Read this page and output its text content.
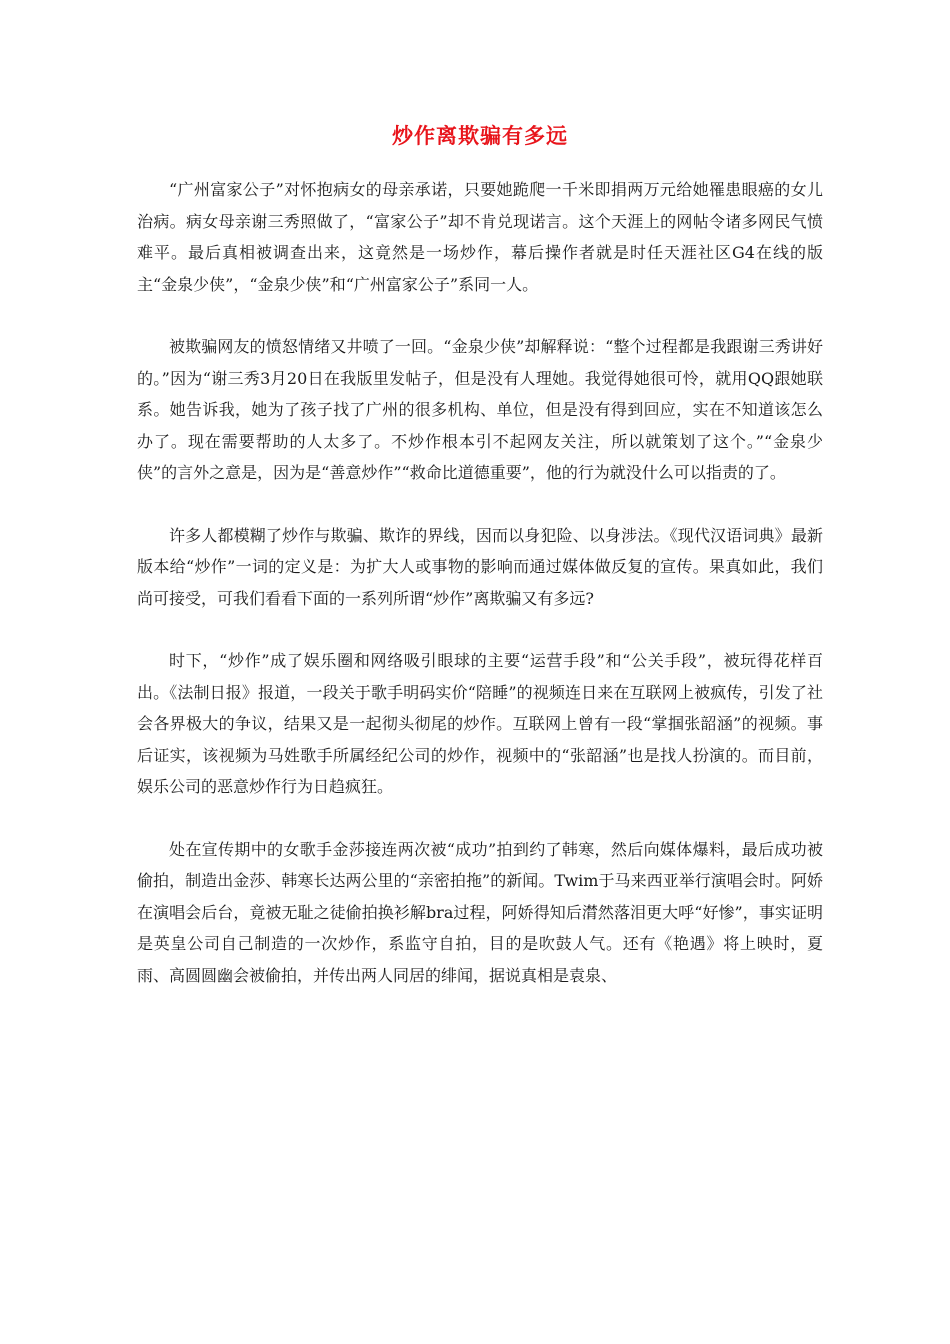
炒作离欺骗有多远

“广州富家公子”对怀抱病女的母亲承诺，只要她跪爬一千米即捐两万元给她罹患眼癌的女儿治病。病女母亲谢三秀照做了，“富家公子”却不肯兑现诺言。这个天涯上的网帖令诸多网民气愤难平。最后真相被调查出来，这竟然是一场炒作，幕后操作者就是时任天涯社区G4在线的版主“金泉少侠”，“金泉少侠”和“广州富家公子”系同一人。

被欺骗网友的愤怒情绪又井喷了一回。“金泉少侠”却解释说：“整个过程都是我跟谢三秀讲好的。”因为“谢三秀3月20日在我版里发帖子，但是没有人理她。我觉得她很可怜，就用QQ跟她联系。她告诉我，她为了孩子找了广州的很多机构、单位，但是没有得到回应，实在不知道该怎么办了。现在需要帮助的人太多了。不炒作根本引不起网友关注，所以就策划了这个。”“金泉少侠”的言外之意是，因为是“善意炒作”“救命比道德重要”，他的行为就没什么可以指责的了。

许多人都模糊了炒作与欺骗、欺诈的界线，因而以身犯险、以身涉法。《现代汉语词典》最新版本给“炒作”一词的定义是：为扩大人或事物的影响而通过媒体做反复的宣传。果真如此，我们尚可接受，可我们看看下面的一系列所谓“炒作”离欺骗又有多远?

时下，“炒作”成了娱乐圈和网络吸引眼球的主要“运营手段”和“公关手段”，被玩得花样百出。《法制日报》报道，一段关于歌手明码实价“陪睡”的视频连日来在互联网上被疯传，引发了社会各界极大的争议，结果又是一起彻头彻尾的炒作。互联网上曾有一段“掌掴张韶涵”的视频。事后证实，该视频为马姓歌手所属经纪公司的炒作，视频中的“张韶涵”也是找人扮演的。而目前，娱乐公司的恶意炒作行为日趋疯狂。

处在宣传期中的女歌手金莎接连两次被“成功”拍到约了韩寒，然后向媒体爆料，最后成功被偷拍，制造出金莎、韩寒长达两公里的“亲密拍拖”的新闻。Twim于马来西亚举行演唱会时。阿娇在演唱会后台，竟被无耻之徒偷拍换衫解bra过程，阿娇得知后潸然落泪更大呼“好惨”，事实证明是英皇公司自己制造的一次炒作，系监守自拍，目的是吹鼓人气。还有《艳遇》将上映时，夏雨、高圆圆幽会被偷拍，并传出两人同居的绯闻，据说真相是袁泉、
